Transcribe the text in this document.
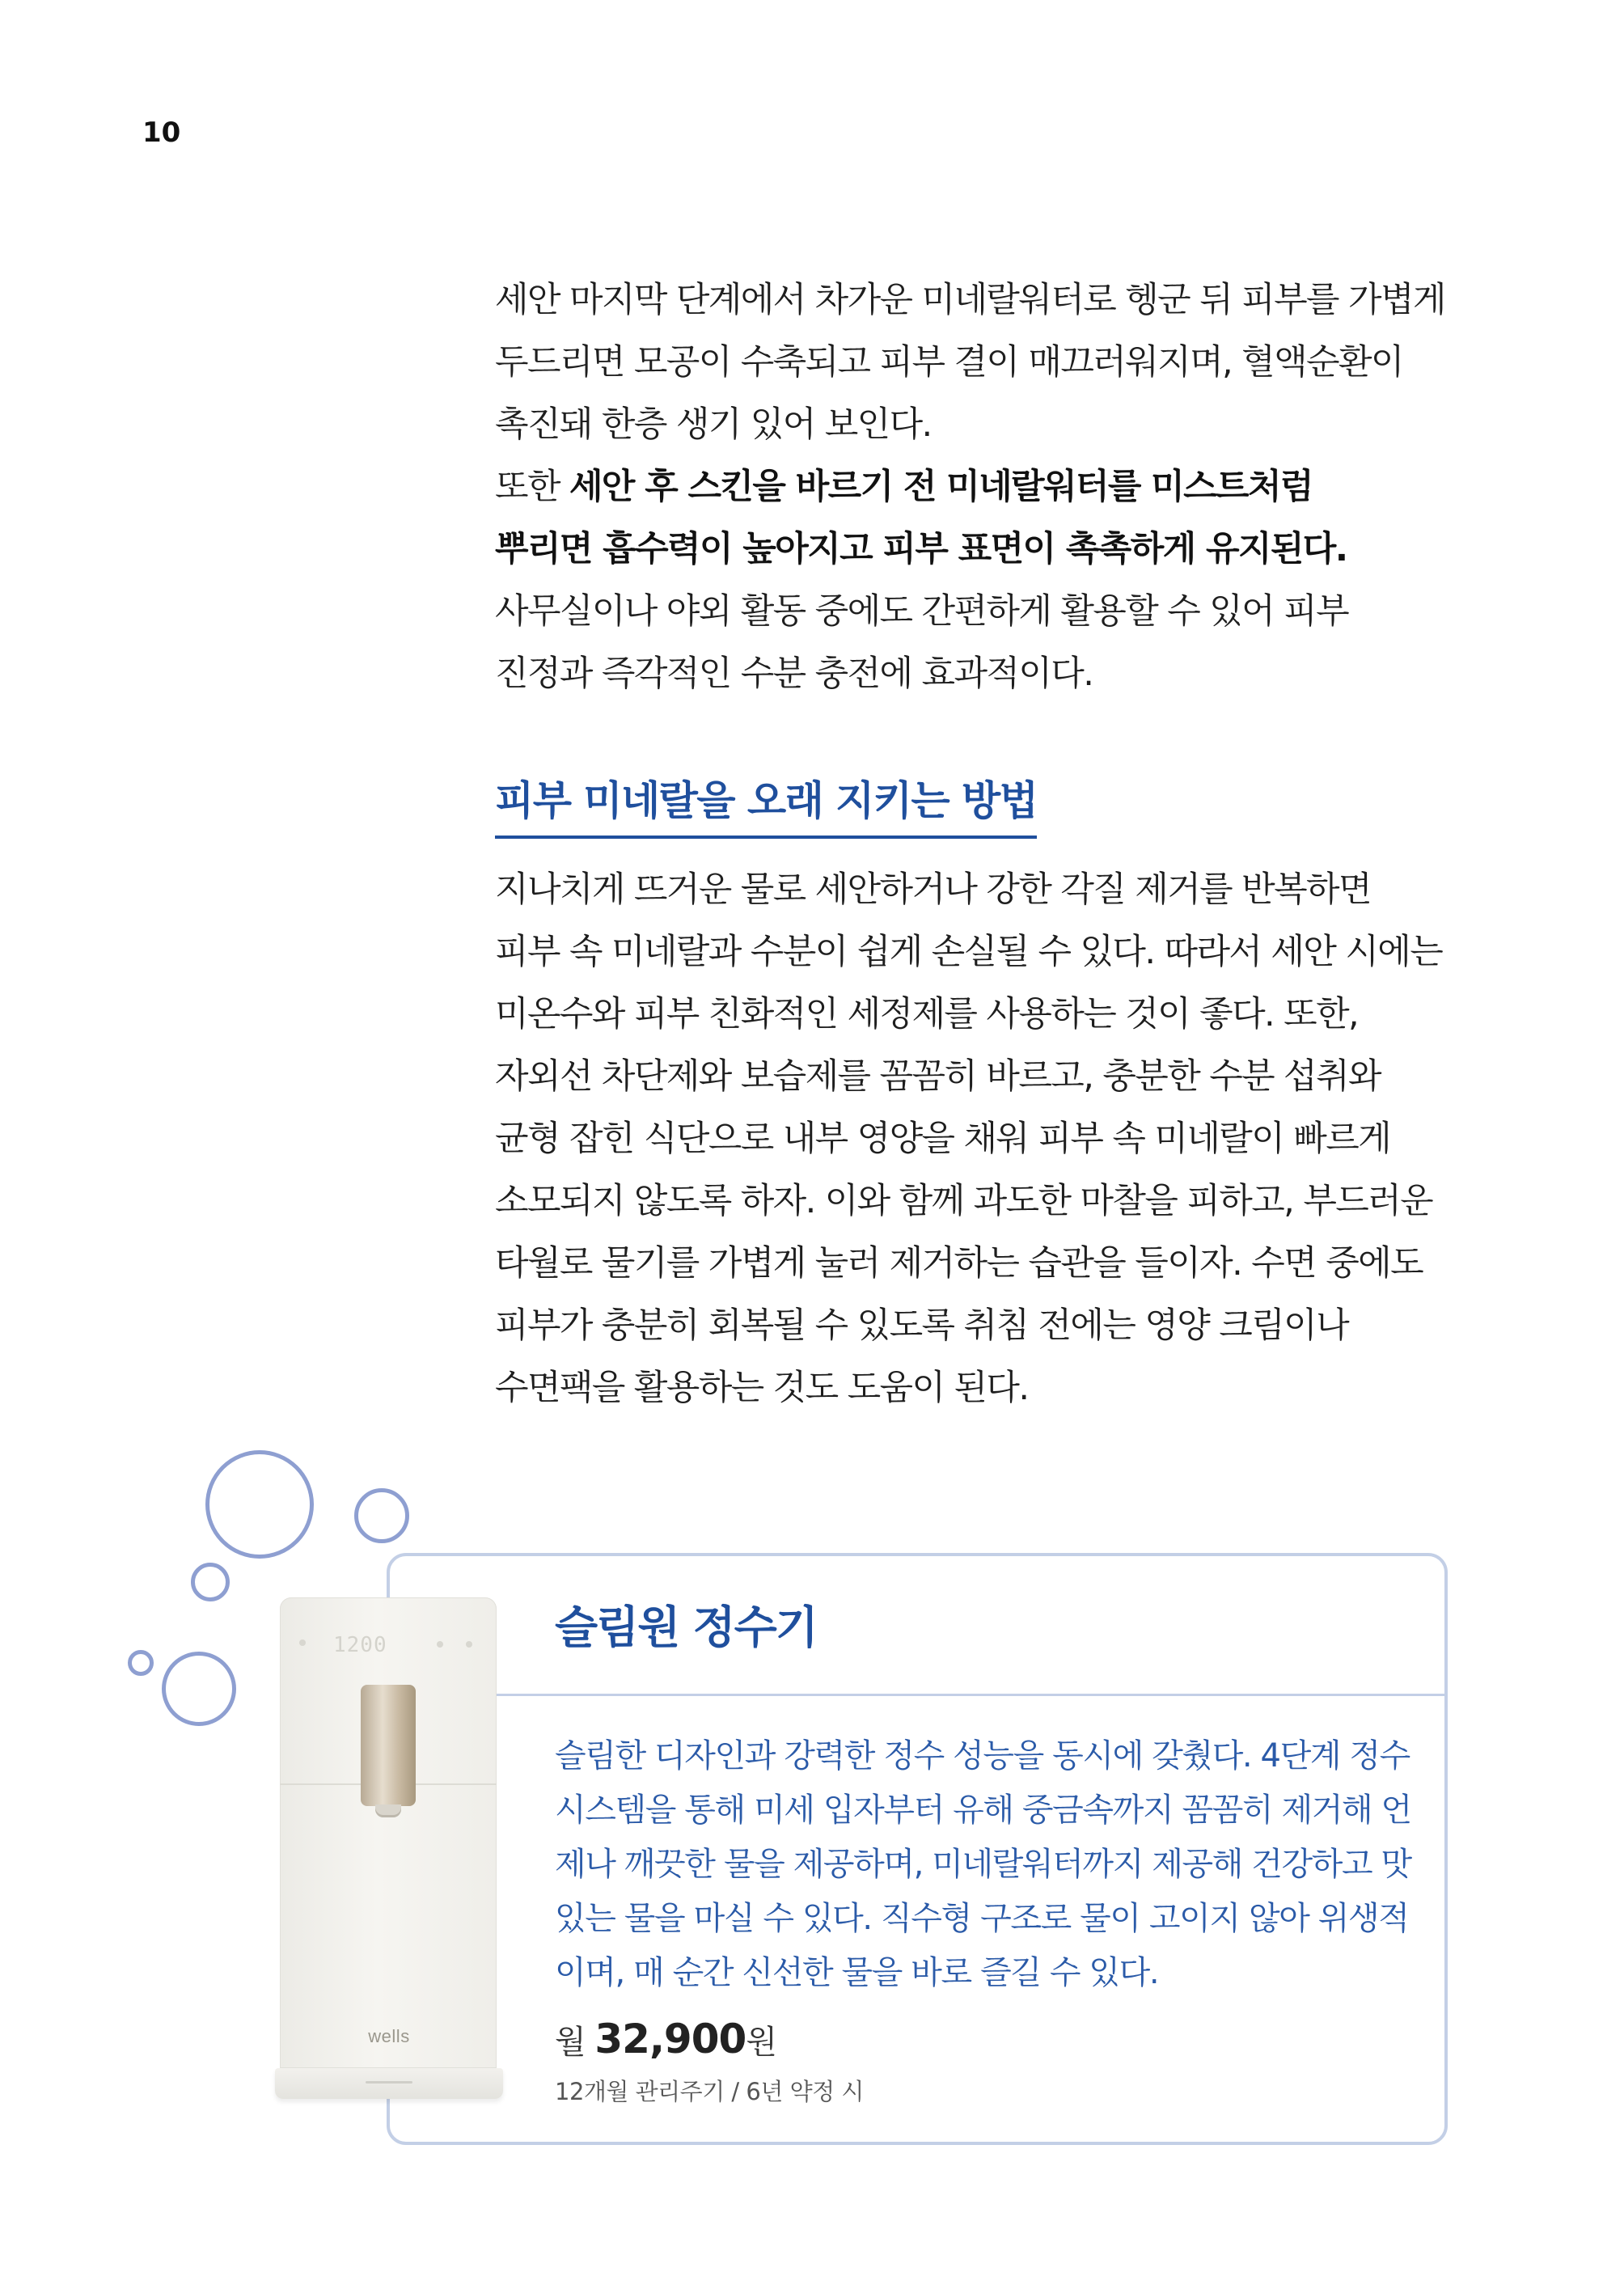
10

세안 마지막 단계에서 차가운 미네랄워터로 헹군 뒤 피부를 가볍게

두드리면 모공이 수축되고 피부 결이 매끄러워지며, 혈액순환이

촉진돼 한층 생기 있어 보인다.

또한 세안 후 스킨을 바르기 전 미네랄워터를 미스트처럼

뿌리면 흡수력이 높아지고 피부 표면이 촉촉하게 유지된다.

사무실이나 야외 활동 중에도 간편하게 활용할 수 있어 피부

진정과 즉각적인 수분 충전에 효과적이다.

피부 미네랄을 오래 지키는 방법

지나치게 뜨거운 물로 세안하거나 강한 각질 제거를 반복하면

피부 속 미네랄과 수분이 쉽게 손실될 수 있다. 따라서 세안 시에는

미온수와 피부 친화적인 세정제를 사용하는 것이 좋다. 또한,

자외선 차단제와 보습제를 꼼꼼히 바르고, 충분한 수분 섭취와

균형 잡힌 식단으로 내부 영양을 채워 피부 속 미네랄이 빠르게

소모되지 않도록 하자. 이와 함께 과도한 마찰을 피하고, 부드러운

타월로 물기를 가볍게 눌러 제거하는 습관을 들이자. 수면 중에도

피부가 충분히 회복될 수 있도록 취침 전에는 영양 크림이나

수면팩을 활용하는 것도 도움이 된다.

슬림원 정수기

슬림한 디자인과 강력한 정수 성능을 동시에 갖췄다. 4단계 정수

시스템을 통해 미세 입자부터 유해 중금속까지 꼼꼼히 제거해 언

제나 깨끗한 물을 제공하며, 미네랄워터까지 제공해 건강하고 맛

있는 물을 마실 수 있다. 직수형 구조로 물이 고이지 않아 위생적

이며, 매 순간 신선한 물을 바로 즐길 수 있다.

월 32,900원
12개월 관리주기 / 6년 약정 시
1200
wells
